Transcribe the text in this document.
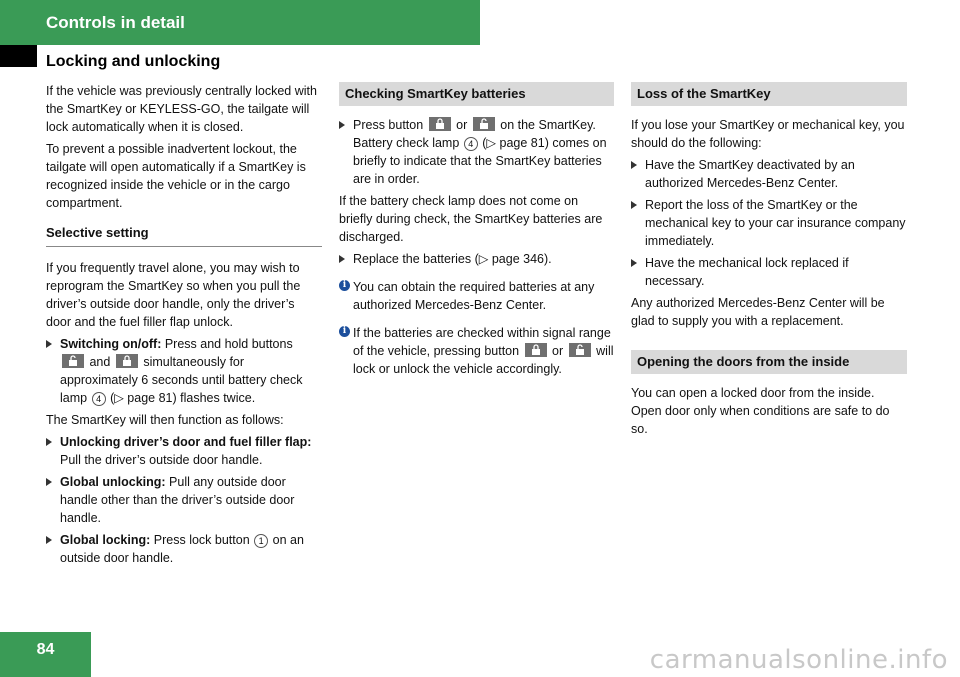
Controls in detail
Locking and unlocking

If the vehicle was previously centrally locked with the SmartKey or KEYLESS-GO, the tailgate will lock automatically when it is closed.

To prevent a possible inadvertent lockout, the tailgate will open automatically if a SmartKey is recognized inside the vehicle or in the cargo compartment.

Selective setting

If you frequently travel alone, you may wish to reprogram the SmartKey so when you pull the driver’s outside door handle, only the driver’s door and the fuel filler flap unlock.

Switching on/off: Press and hold buttons
and	simultaneously for approximately 6 seconds until battery check lamp 4 (▷ page 81) flashes twice.

The SmartKey will then function as follows:

Unlocking driver’s door and fuel filler flap: Pull the driver’s outside door handle.
Global unlocking: Pull any outside door handle other than the driver’s outside door handle.
Global locking: Press lock button 1 on an outside door handle.
Checking SmartKey batteries
Press button	or	on the SmartKey.
Battery check lamp 4 (▷ page 81) comes on briefly to indicate that the SmartKey batteries are in order.

If the battery check lamp does not come on briefly during check, the SmartKey batteries are discharged.

Replace the batteries (▷ page 346).
i You can obtain the required batteries at any authorized Mercedes-Benz Center.
i If the batteries are checked within signal range of the vehicle, pressing button	or	will lock or unlock the vehicle accordingly.
Loss of the SmartKey

If you lose your SmartKey or mechanical key, you should do the following:

Have the SmartKey deactivated by an authorized Mercedes-Benz Center.
Report the loss of the SmartKey or the mechanical key to your car insurance company immediately.
Have the mechanical lock replaced if necessary.

Any authorized Mercedes-Benz Center will be glad to supply you with a replacement.

Opening the doors from the inside

You can open a locked door from the inside. Open door only when conditions are safe to do so.

84	carmanualsonline.info
